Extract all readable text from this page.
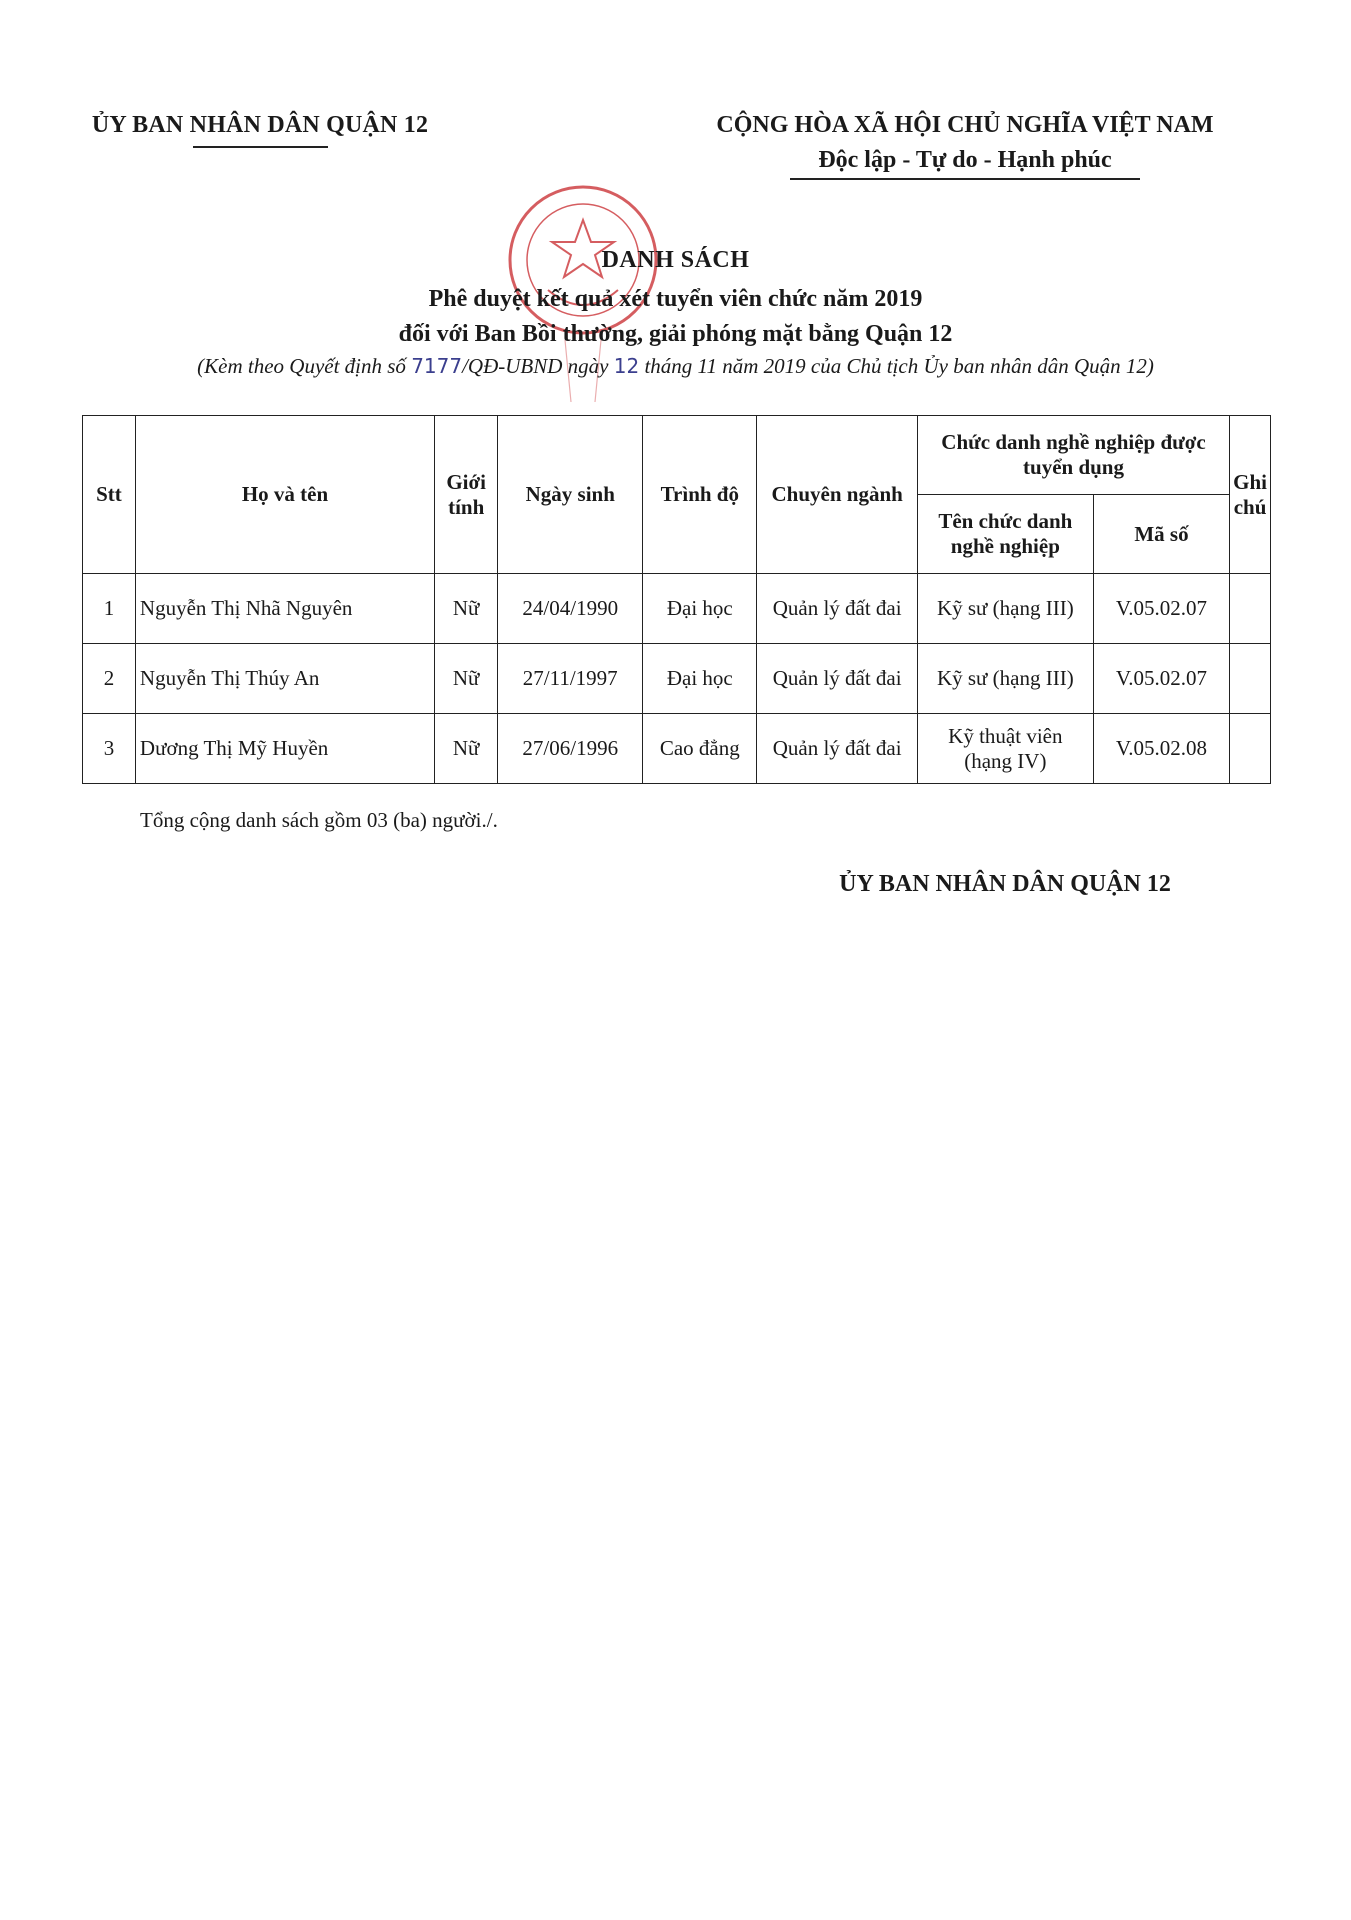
ỦY BAN NHÂN DÂN QUẬN 12	CỘNG HÒA XÃ HỘI CHỦ NGHĨA VIỆT NAM
Độc lập - Tự do - Hạnh phúc
DANH SÁCH
Phê duyệt kết quả xét tuyển viên chức năm 2019
đối với Ban Bồi thường, giải phóng mặt bằng Quận 12
(Kèm theo Quyết định số 7177/QĐ-UBND ngày 12 tháng 11 năm 2019 của Chủ tịch Ủy ban nhân dân Quận 12)
Stt	Họ và tên	Giới tính	Ngày sinh	Trình độ	Chuyên ngành	Chức danh nghề nghiệp được tuyển dụng		Ghi chú
						Tên chức danh nghề nghiệp	Mã số	
1	Nguyễn Thị Nhã Nguyên	Nữ	24/04/1990	Đại học	Quản lý đất đai	Kỹ sư (hạng III)	V.05.02.07	
2	Nguyễn Thị Thúy An	Nữ	27/11/1997	Đại học	Quản lý đất đai	Kỹ sư (hạng III)	V.05.02.07	
3	Dương Thị Mỹ Huyền	Nữ	27/06/1996	Cao đẳng	Quản lý đất đai	Kỹ thuật viên (hạng IV)	V.05.02.08	
Tổng cộng danh sách gồm 03 (ba) người./.
ỦY BAN NHÂN DÂN QUẬN 12
